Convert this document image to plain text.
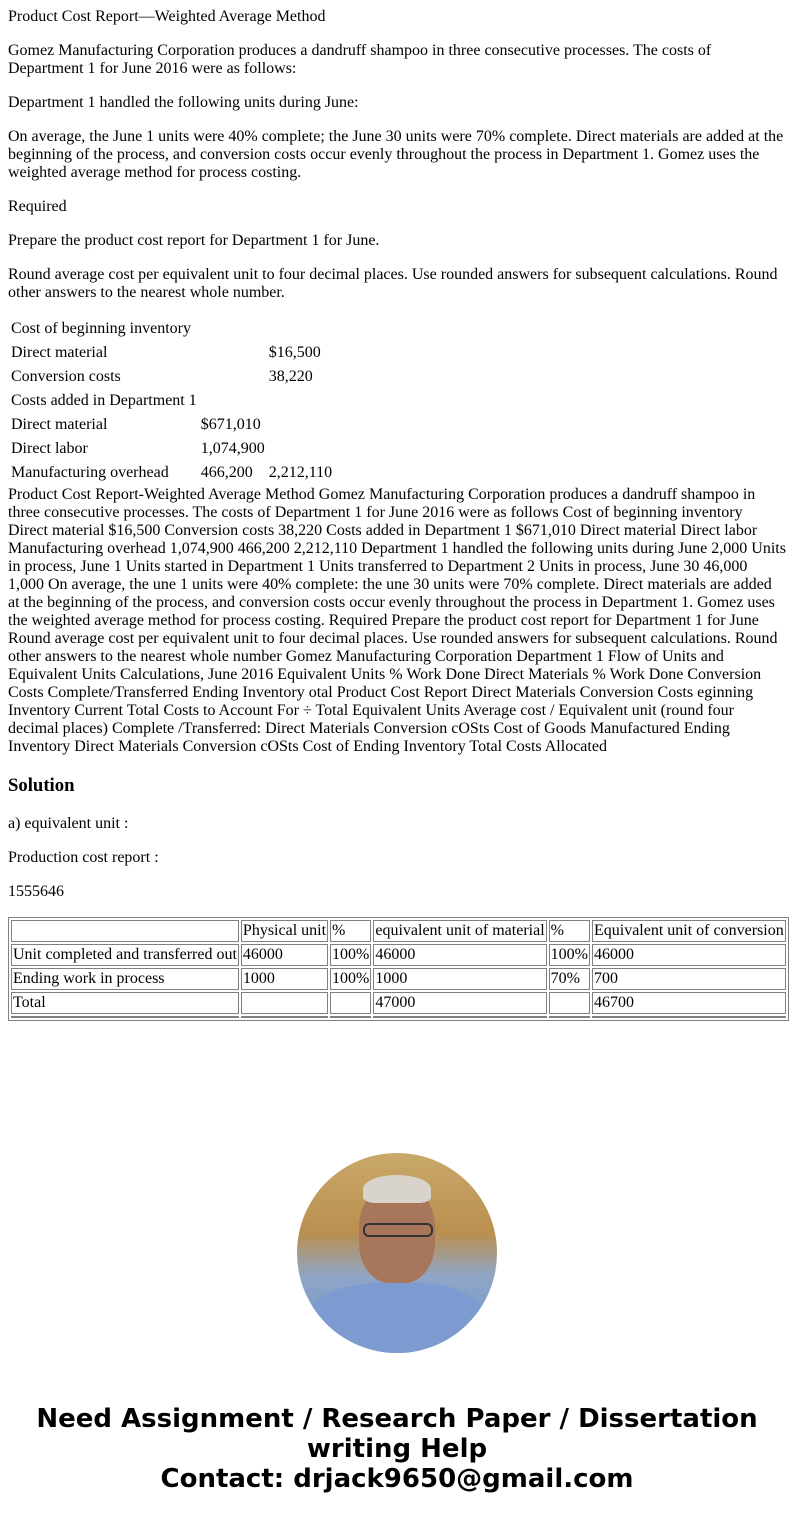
Product Cost Report—Weighted Average Method

Gomez Manufacturing Corporation produces a dandruff shampoo in three consecutive processes. The costs of Department 1 for June 2016 were as follows:

Department 1 handled the following units during June:

On average, the June 1 units were 40% complete; the June 30 units were 70% complete. Direct materials are added at the beginning of the process, and conversion costs occur evenly throughout the process in Department 1. Gomez uses the weighted average method for process costing.

Required

Prepare the product cost report for Department 1 for June.

Round average cost per equivalent unit to four decimal places. Use rounded answers for subsequent calculations. Round other answers to the nearest whole number.

Cost of beginning inventory		
Direct material		$16,500
Conversion costs		38,220
Costs added in Department 1		
Direct material	$671,010	
Direct labor	1,074,900	
Manufacturing overhead	466,200	2,212,110

Product Cost Report-Weighted Average Method Gomez Manufacturing Corporation produces a dandruff shampoo in three consecutive processes. The costs of Department 1 for June 2016 were as follows Cost of beginning inventory Direct material $16,500 Conversion costs 38,220 Costs added in Department 1 $671,010 Direct material Direct labor Manufacturing overhead 1,074,900 466,200 2,212,110 Department 1 handled the following units during June 2,000 Units in process, June 1 Units started in Department 1 Units transferred to Department 2 Units in process, June 30 46,000 1,000 On average, the une 1 units were 40% complete: the une 30 units were 70% complete. Direct materials are added at the beginning of the process, and conversion costs occur evenly throughout the process in Department 1. Gomez uses the weighted average method for process costing. Required Prepare the product cost report for Department 1 for June Round average cost per equivalent unit to four decimal places. Use rounded answers for subsequent calculations. Round other answers to the nearest whole number Gomez Manufacturing Corporation Department 1 Flow of Units and Equivalent Units Calculations, June 2016 Equivalent Units % Work Done Direct Materials % Work Done Conversion Costs Complete/Transferred Ending Inventory otal Product Cost Report Direct Materials Conversion Costs eginning Inventory Current Total Costs to Account For ÷ Total Equivalent Units Average cost / Equivalent unit (round four decimal places) Complete /Transferred: Direct Materials Conversion cOSts Cost of Goods Manufactured Ending Inventory Direct Materials Conversion cOSts Cost of Ending Inventory Total Costs Allocated

Solution

a) equivalent unit :

Production cost report :

1555646

	Physical unit	%	equivalent unit of material	%	Equivalent unit of conversion
Unit completed and transferred out	46000	100%	46000	100%	46000
Ending work in process	1000	100%	1000	70%	700
Total			47000		46700

Need Assignment / Research Paper / Dissertation writing Help
Contact: drjack9650@gmail.com
